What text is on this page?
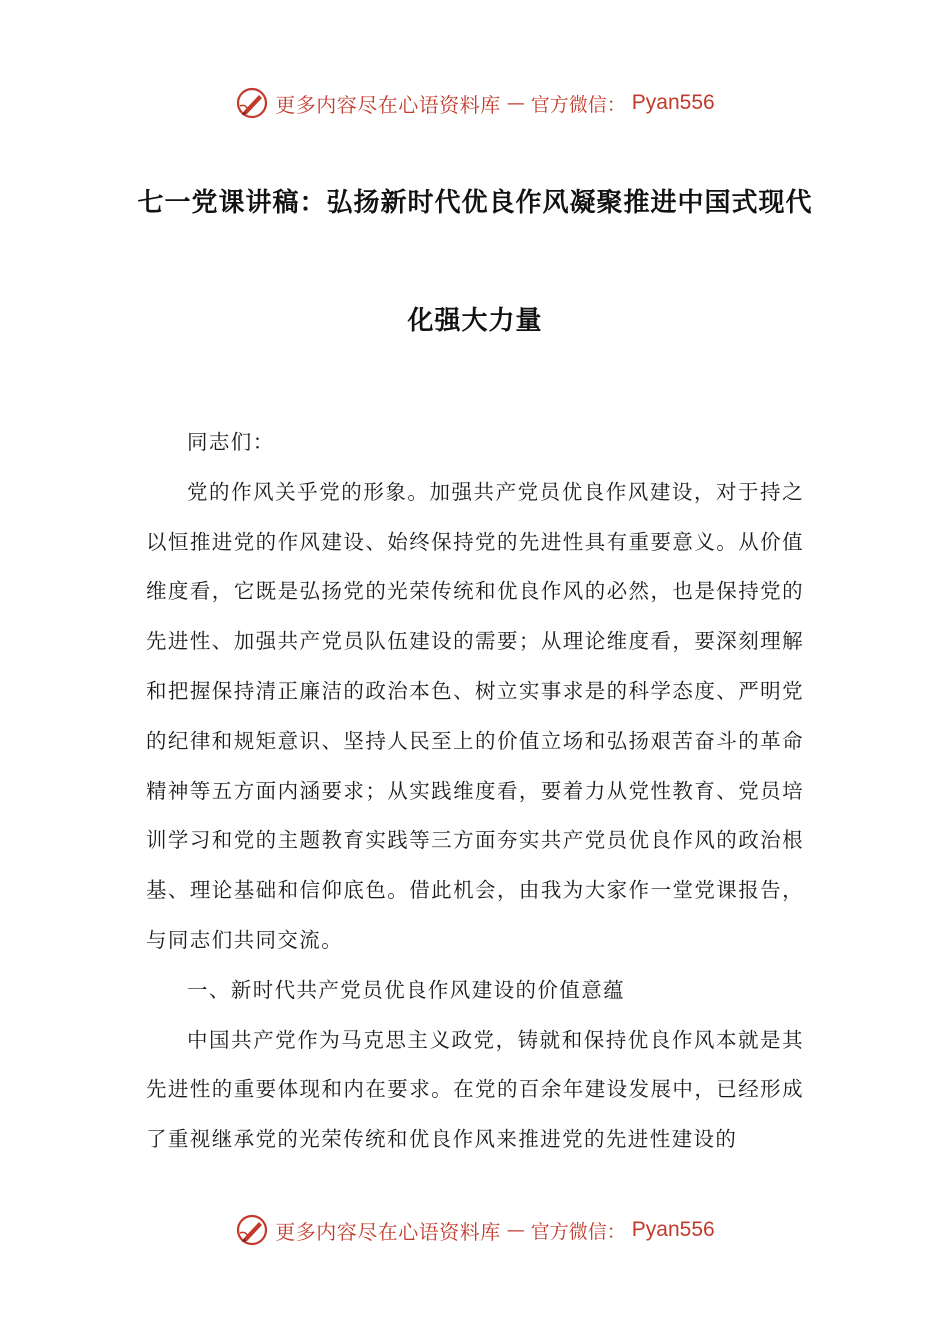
更多内容尽在心语资料库 — 官方微信： Pyan556
七一党课讲稿：弘扬新时代优良作风凝聚推进中国式现代
化强大力量

同志们：

党的作风关乎党的形象。加强共产党员优良作风建设，对于持之以恒推进党的作风建设、始终保持党的先进性具有重要意义。从价值维度看，它既是弘扬党的光荣传统和优良作风的必然，也是保持党的先进性、加强共产党员队伍建设的需要；从理论维度看，要深刻理解和把握保持清正廉洁的政治本色、树立实事求是的科学态度、严明党的纪律和规矩意识、坚持人民至上的价值立场和弘扬艰苦奋斗的革命精神等五方面内涵要求；从实践维度看，要着力从党性教育、党员培训学习和党的主题教育实践等三方面夯实共产党员优良作风的政治根基、理论基础和信仰底色。借此机会，由我为大家作一堂党课报告，与同志们共同交流。

一、新时代共产党员优良作风建设的价值意蕴

中国共产党作为马克思主义政党，铸就和保持优良作风本就是其先进性的重要体现和内在要求。在党的百余年建设发展中，已经形成了重视继承党的光荣传统和优良作风来推进党的先进性建设的

更多内容尽在心语资料库 — 官方微信： Pyan556
